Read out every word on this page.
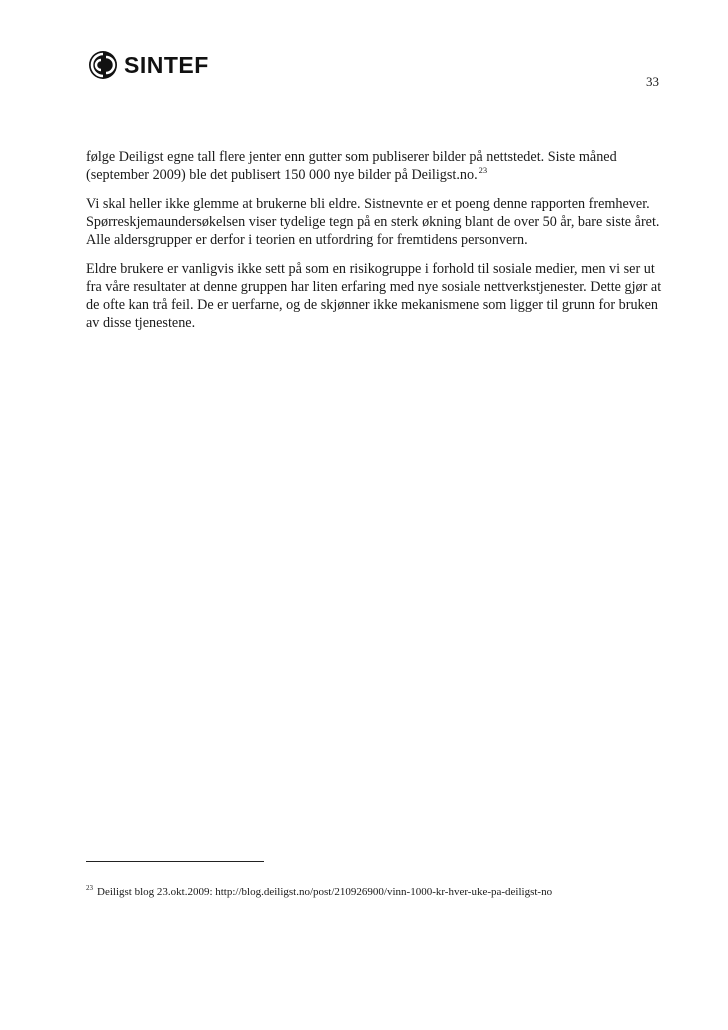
SINTEF
33

følge Deiligst egne tall flere jenter enn gutter som publiserer bilder på nettstedet. Siste måned (september 2009) ble det publisert 150 000 nye bilder på Deiligst.no.$^{23}$

Vi skal heller ikke glemme at brukerne bli eldre. Sistnevnte er et poeng denne rapporten fremhever. Spørreskjemaundersøkelsen viser tydelige tegn på en sterk økning blant de over 50 år, bare siste året. Alle aldersgrupper er derfor i teorien en utfordring for fremtidens personvern.

Eldre brukere er vanligvis ikke sett på som en risikogruppe i forhold til sosiale medier, men vi ser ut fra våre resultater at denne gruppen har liten erfaring med nye sosiale nettverkstjenester. Dette gjør at de ofte kan trå feil. De er uerfarne, og de skjønner ikke mekanismene som ligger til grunn for bruken av disse tjenestene.

$^{23}$ Deiligst blog 23.okt.2009: http://blog.deiligst.no/post/210926900/vinn-1000-kr-hver-uke-pa-deiligst-no
